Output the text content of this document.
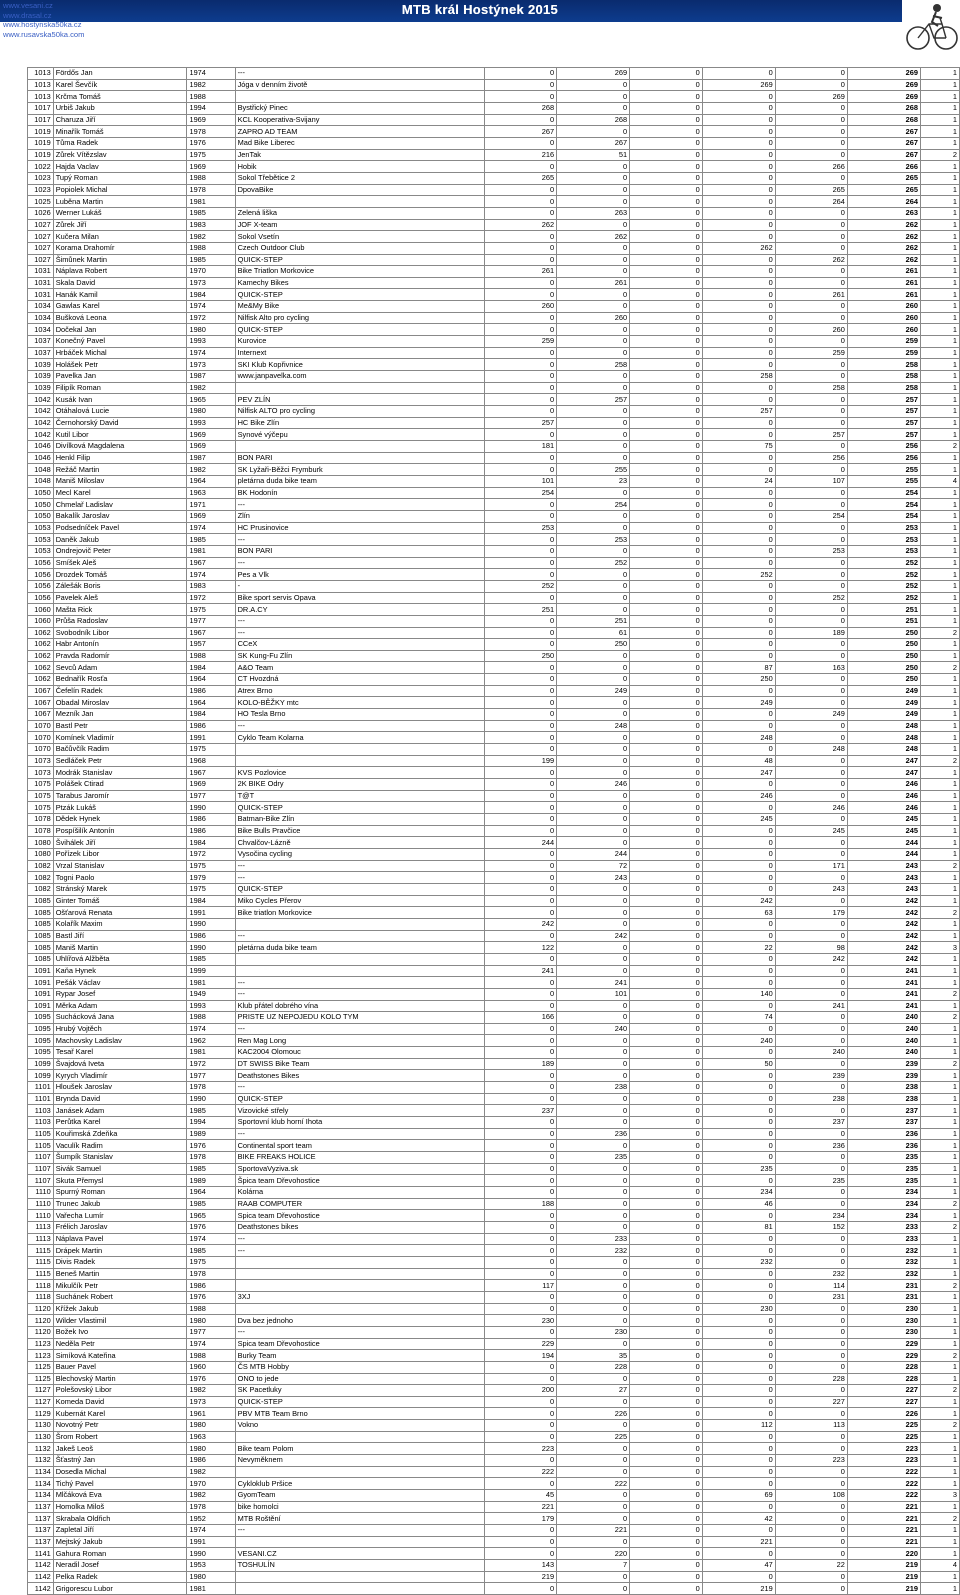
MTB král Hostýnek 2015
www.vesani.cz
www.drasal.cz
www.hostynska50ka.cz
www.rusavska50ka.com
1013	Fördős Jan	1974	---	0	269	0	0	0	269	1
1013	Karel Ševčík	1982	Jóga v denním životě	0	0	0	269	0	269	1
1013	Krčma Tomáš	1988		0	0	0	0	269	269	1
1017	Urbiš Jakub	1994	Bystřický Pinec	268	0	0	0	0	268	1
1017	Charuza Jiří	1969	KCL Kooperativa-Svijany	0	268	0	0	0	268	1
1019	Minařík Tomáš	1978	ZAPRO AD TEAM	267	0	0	0	0	267	1
1019	Tůma Radek	1976	Mad Bike Liberec	0	267	0	0	0	267	1
1019	Zůrek Vítězslav	1975	JenTak	216	51	0	0	0	267	2
1022	Hajda Vaclav	1969	Hobik	0	0	0	0	266	266	1
1023	Tupý Roman	1988	Sokol Třebětice 2	265	0	0	0	0	265	1
1023	Popiolek Michal	1978	DpovaBike	0	0	0	0	265	265	1
1025	Luběna Martin	1981		0	0	0	0	264	264	1
1026	Werner Lukáš	1985	Zelená liška	0	263	0	0	0	263	1
1027	Zůrek Jiří	1983	JOF X-team	262	0	0	0	0	262	1
1027	Kučera Milan	1982	Sokol Vsetín	0	262	0	0	0	262	1
1027	Korama Drahomír	1988	Czech Outdoor Club	0	0	0	262	0	262	1
1027	Šimůnek Martin	1985	QUICK-STEP	0	0	0	0	262	262	1
1031	Náplava Robert	1970	Bike Triatlon Morkovice	261	0	0	0	0	261	1
1031	Skala David	1973	Kamechy Bikes	0	261	0	0	0	261	1
1031	Hanák Kamil	1984	QUICK-STEP	0	0	0	0	261	261	1
1034	Gawlas Karel	1974	Me&My Bike	260	0	0	0	0	260	1
1034	Bušková Leona	1972	Nilfisk Alto pro cycling	0	260	0	0	0	260	1
1034	Dočekal Jan	1980	QUICK-STEP	0	0	0	0	260	260	1
1037	Konečný Pavel	1993	Kurovice	259	0	0	0	0	259	1
1037	Hrbáček Michal	1974	Internext	0	0	0	0	259	259	1
1039	Holášek Petr	1973	SKI Klub Kopřivnice	0	258	0	0	0	258	1
1039	Pavelka Jan	1987	www.janpavelka.com	0	0	0	258	0	258	1
1039	Filipík Roman	1982		0	0	0	0	258	258	1
1042	Kusák Ivan	1965	PEV ZLÍN	0	257	0	0	0	257	1
1042	Otáhalová Lucie	1980	Nilfisk ALTO pro cycling	0	0	0	257	0	257	1
1042	Černohorský David	1993	HC Bike Zlín	257	0	0	0	0	257	1
1042	Kutil Libor	1969	Synové výčepu	0	0	0	0	257	257	1
1046	Divílková Magdalena	1969		181	0	0	75	0	256	2
1046	Henkl Filip	1987	BON PARI	0	0	0	0	256	256	1
1048	Režáč Martin	1982	SK Lyžaři-Běžci Frymburk	0	255	0	0	0	255	1
1048	Maniš Miloslav	1964	pletárna duda bike team	101	23	0	24	107	255	4
1050	Mecl Karel	1963	BK Hodonín	254	0	0	0	0	254	1
1050	Chmelař Ladislav	1971	---	0	254	0	0	0	254	1
1050	Bakalík Jaroslav	1969	Zlín	0	0	0	0	254	254	1
1053	Podsedníček Pavel	1974	HC Prusinovice	253	0	0	0	0	253	1
1053	Daněk Jakub	1985	---	0	253	0	0	0	253	1
1053	Ondrejovič Peter	1981	BON PARI	0	0	0	0	253	253	1
1056	Smíšek Aleš	1967	---	0	252	0	0	0	252	1
1056	Drozdek Tomáš	1974	Pes a Vlk	0	0	0	252	0	252	1
1056	Zálešák Boris	1983	-	252	0	0	0	0	252	1
1056	Pavelek Aleš	1972	Bike sport servis Opava	0	0	0	0	252	252	1
1060	Mašta Rick	1975	DR.A.CY	251	0	0	0	0	251	1
1060	Průša Radoslav	1977	---	0	251	0	0	0	251	1
1062	Svobodník Libor	1967	---	0	61	0	0	189	250	2
1062	Habr Antonín	1957	CCeX	0	250	0	0	0	250	1
1062	Pravda Radomír	1988	SK Kung-Fu Zlín	250	0	0	0	0	250	1
1062	Sevců Adam	1984	A&O Team	0	0	0	87	163	250	2
1062	Bednařík Rosťa	1964	CT Hvozdná	0	0	0	250	0	250	1
1067	Čefelín Radek	1986	Atrex Brno	0	249	0	0	0	249	1
1067	Obadal Miroslav	1964	KOLO-BĚŽKY mtc	0	0	0	249	0	249	1
1067	Mezník Jan	1984	HO Tesla Brno	0	0	0	0	249	249	1
1070	Bastl Petr	1986	---	0	248	0	0	0	248	1
1070	Komínek Vladimír	1991	Cyklo Team Kolarna	0	0	0	248	0	248	1
1070	Bačůvčík Radim	1975		0	0	0	0	248	248	1
1073	Sedláček Petr	1968		199	0	0	48	0	247	2
1073	Modrák Stanislav	1967	KVS Pozlovice	0	0	0	247	0	247	1
1075	Polášek Ctirad	1969	2K BIKE Odry	0	246	0	0	0	246	1
1075	Tarabus Jaromír	1977	T@T	0	0	0	246	0	246	1
1075	Ptzák Lukáš	1990	QUICK-STEP	0	0	0	0	246	246	1
1078	Dědek Hynek	1986	Batman-Bike Zlín	0	0	0	245	0	245	1
1078	Pospíšilík Antonín	1986	Bike Bulls Pravčice	0	0	0	0	245	245	1
1080	Švihálek Jiří	1984	Chvalčov-Lázně	244	0	0	0	0	244	1
1080	Pořízek Libor	1972	Vysočina cycling	0	244	0	0	0	244	1
1082	Vrzal Stanislav	1975	---	0	72	0	0	171	243	2
1082	Togni Paolo	1979	---	0	243	0	0	0	243	1
1082	Stránský Marek	1975	QUICK-STEP	0	0	0	0	243	243	1
1085	Ginter Tomáš	1984	Miko Cycles Přerov	0	0	0	242	0	242	1
1085	Ošťarová Renata	1991	Bike triatlon Morkovice	0	0	0	63	179	242	2
1085	Kolařík Maxim	1990		242	0	0	0	0	242	1
1085	Bastl Jiří	1986	---	0	242	0	0	0	242	1
1085	Maniš Martin	1990	pletárna duda bike team	122	0	0	22	98	242	3
1085	Uhlířová Alžběta	1985		0	0	0	0	242	242	1
1091	Kaňa Hynek	1999		241	0	0	0	0	241	1
1091	Pešák Václav	1981	---	0	241	0	0	0	241	1
1091	Rypar Josef	1949	---	0	101	0	140	0	241	2
1091	Měrka Adam	1993	Klub přátel dobrého vína	0	0	0	0	241	241	1
1095	Suchácková Jana	1988	PRISTE UZ NEPOJEDU KOLO TYM	166	0	0	74	0	240	2
1095	Hrubý Vojtěch	1974	---	0	240	0	0	0	240	1
1095	Machovsky Ladislav	1962	Ren Mag Long	0	0	0	240	0	240	1
1095	Tesař Karel	1981	KAC2004 Olomouc	0	0	0	0	240	240	1
1099	Švajdová Iveta	1972	DT SWISS Bike Team	189	0	0	50	0	239	2
1099	Kyrych Vladimír	1977	Deathstones Bikes	0	0	0	0	239	239	1
1101	Hloušek Jaroslav	1978	---	0	238	0	0	0	238	1
1101	Brynda David	1990	QUICK-STEP	0	0	0	0	238	238	1
1103	Janásek Adam	1985	Vizovické střely	237	0	0	0	0	237	1
1103	Perůtka Karel	1994	Sportovní klub horní Ihota	0	0	0	0	237	237	1
1105	Kouřimská Zdeňka	1989	---	0	236	0	0	0	236	1
1105	Vaculík Radim	1976	Continental sport team	0	0	0	0	236	236	1
1107	Šumpík Stanislav	1978	BIKE FREAKS HOLICE	0	235	0	0	0	235	1
1107	Sivák Samuel	1985	SportovaVyziva.sk	0	0	0	235	0	235	1
1107	Skuta Přemysl	1989	Špica team Dřevohostice	0	0	0	0	235	235	1
1110	Spurný Roman	1964	Kolárna	0	0	0	234	0	234	1
1110	Trunec Jakub	1985	RAAB COMPUTER	188	0	0	46	0	234	2
1110	Vařecha Lumír	1965	Spica team Dřevohostice	0	0	0	0	234	234	1
1113	Frélich Jaroslav	1976	Deathstones bikes	0	0	0	81	152	233	2
1113	Náplava Pavel	1974	---	0	233	0	0	0	233	1
1115	Drápek Martin	1985	---	0	232	0	0	0	232	1
1115	Divis Radek	1975		0	0	0	232	0	232	1
1115	Beneš Martin	1978		0	0	0	0	232	232	1
1118	Mikulčík Petr	1986		117	0	0	0	114	231	2
1118	Suchánek Robert	1976	3XJ	0	0	0	0	231	231	1
1120	Křížek Jakub	1988		0	0	0	230	0	230	1
1120	Wilder Vlastimil	1980	Dva bez jednoho	230	0	0	0	0	230	1
1120	Božek Ivo	1977	---	0	230	0	0	0	230	1
1123	Neděla Petr	1974	Spica team Dřevohostice	229	0	0	0	0	229	1
1123	Simíková Kateřina	1988	Burky Team	194	35	0	0	0	229	2
1125	Bauer Pavel	1960	ČS MTB Hobby	0	228	0	0	0	228	1
1125	Blechovský Martin	1976	ONO to jede	0	0	0	0	228	228	1
1127	Polešovský Libor	1982	SK Pacetluky	200	27	0	0	0	227	2
1127	Komeda David	1973	QUICK-STEP	0	0	0	0	227	227	1
1129	Kubernát Karel	1961	PBV MTB Team Brno	0	226	0	0	0	226	1
1130	Novotný Petr	1980	Vokno	0	0	0	112	113	225	2
1130	Šrom Robert	1963		0	225	0	0	0	225	1
1132	Jakeš Leoš	1980	Bike team Polom	223	0	0	0	0	223	1
1132	Šťastný Jan	1986	Nevyměknem	0	0	0	0	223	223	1
1134	Dosedla Michal	1982		222	0	0	0	0	222	1
1134	Tichý Pavel	1970	Cykloklub Pršice	0	222	0	0	0	222	1
1134	Mlčáková Eva	1982	GyomTeam	45	0	0	69	108	222	3
1137	Homolka Miloš	1978	bike homolci	221	0	0	0	0	221	1
1137	Skrabala Oldřich	1952	MTB Roštění	179	0	0	42	0	221	2
1137	Zapletal Jiří	1974	---	0	221	0	0	0	221	1
1137	Mejtský Jakub	1991		0	0	0	221	0	221	1
1141	Gahura Roman	1990	VESANI.CZ	0	220	0	0	0	220	1
1142	Neradil Josef	1953	TOSHULÍN	143	7	0	47	22	219	4
1142	Pelka Radek	1980		219	0	0	0	0	219	1
1142	Grigorescu Lubor	1981		0	0	0	219	0	219	1
